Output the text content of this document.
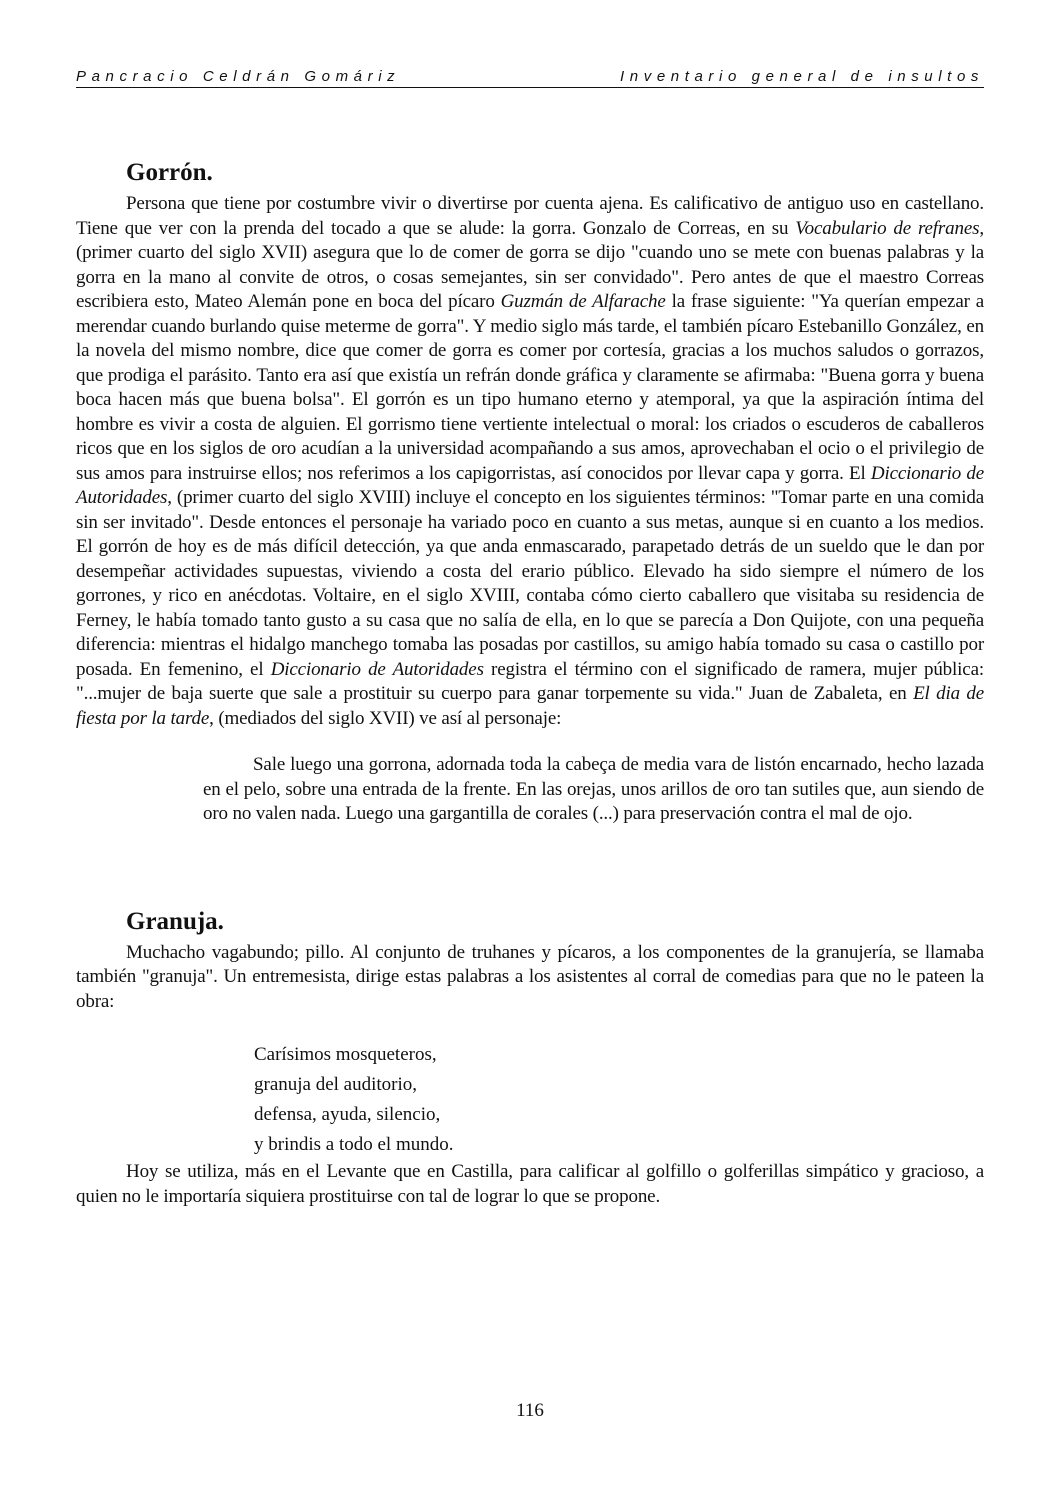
Pancracio Celdrán Gomáriz	Inventario general de insultos
Gorrón.

Persona que tiene por costumbre vivir o divertirse por cuenta ajena. Es calificativo de antiguo uso en castellano. Tiene que ver con la prenda del tocado a que se alude: la gorra. Gonzalo de Correas, en su Vocabulario de refranes, (primer cuarto del siglo XVII) asegura que lo de comer de gorra se dijo "cuando uno se mete con buenas palabras y la gorra en la mano al convite de otros, o cosas semejantes, sin ser convidado". Pero antes de que el maestro Correas escribiera esto, Mateo Alemán pone en boca del pícaro Guzmán de Alfarache la frase siguiente: "Ya querían empezar a merendar cuando burlando quise meterme de gorra". Y medio siglo más tarde, el también pícaro Estebanillo González, en la novela del mismo nombre, dice que comer de gorra es comer por cortesía, gracias a los muchos saludos o gorrazos, que prodiga el parásito. Tanto era así que existía un refrán donde gráfica y claramente se afirmaba: "Buena gorra y buena boca hacen más que buena bolsa". El gorrón es un tipo humano eterno y atemporal, ya que la aspiración íntima del hombre es vivir a costa de alguien. El gorrismo tiene vertiente intelectual o moral: los criados o escuderos de caballeros ricos que en los siglos de oro acudían a la universidad acompañando a sus amos, aprovechaban el ocio o el privilegio de sus amos para instruirse ellos; nos referimos a los capigorristas, así conocidos por llevar capa y gorra. El Diccionario de Autoridades, (primer cuarto del siglo XVIII) incluye el concepto en los siguientes términos: "Tomar parte en una comida sin ser invitado". Desde entonces el personaje ha variado poco en cuanto a sus metas, aunque si en cuanto a los medios. El gorrón de hoy es de más difícil detección, ya que anda enmascarado, parapetado detrás de un sueldo que le dan por desempeñar actividades supuestas, viviendo a costa del erario público. Elevado ha sido siempre el número de los gorrones, y rico en anécdotas. Voltaire, en el siglo XVIII, contaba cómo cierto caballero que visitaba su residencia de Ferney, le había tomado tanto gusto a su casa que no salía de ella, en lo que se parecía a Don Quijote, con una pequeña diferencia: mientras el hidalgo manchego tomaba las posadas por castillos, su amigo había tomado su casa o castillo por posada. En femenino, el Diccionario de Autoridades registra el término con el significado de ramera, mujer pública: "...mujer de baja suerte que sale a prostituir su cuerpo para ganar torpemente su vida." Juan de Zabaleta, en El dia de fiesta por la tarde, (mediados del siglo XVII) ve así al personaje:

Sale luego una gorrona, adornada toda la cabeça de media vara de listón encarnado, hecho lazada en el pelo, sobre una entrada de la frente. En las orejas, unos arillos de oro tan sutiles que, aun siendo de oro no valen nada. Luego una gargantilla de corales (...) para preservación contra el mal de ojo.

Granuja.

Muchacho vagabundo; pillo. Al conjunto de truhanes y pícaros, a los componentes de la granujería, se llamaba también "granuja". Un entremesista, dirige estas palabras a los asistentes al corral de comedias para que no le pateen la obra:

Carísimos mosqueteros,
granuja del auditorio,
defensa, ayuda, silencio,
y brindis a todo el mundo.

Hoy se utiliza, más en el Levante que en Castilla, para calificar al golfillo o golferillas simpático y gracioso, a quien no le importaría siquiera prostituirse con tal de lograr lo que se propone.

116
